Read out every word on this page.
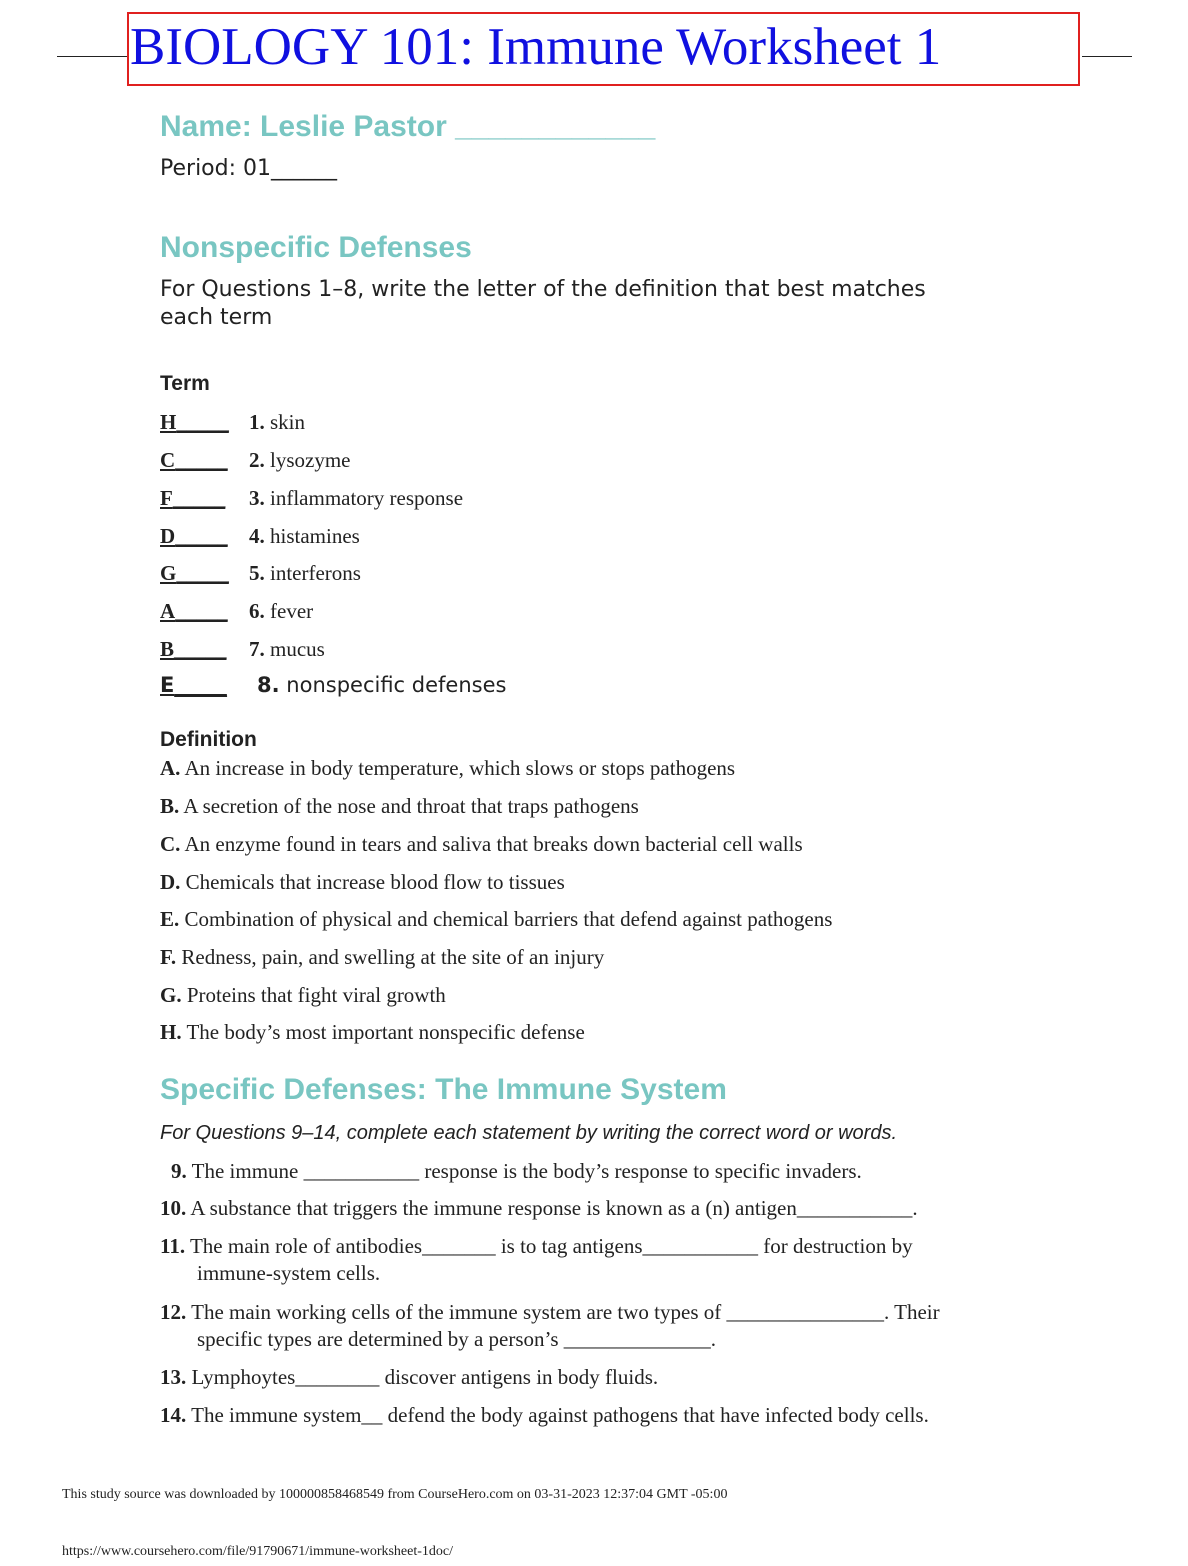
BIOLOGY 101: Immune Worksheet 1
Name: Leslie Pastor ____________
Period: 01______
Nonspecific Defenses
For Questions 1–8, write the letter of the definition that best matches
each term
Term
H_____ 1. skin
C_____ 2. lysozyme
F_____ 3. inflammatory response
D_____ 4. histamines
G_____ 5. interferons
A_____ 6. fever
B_____ 7. mucus
E_____ 8. nonspecific defenses
Definition
A. An increase in body temperature, which slows or stops pathogens
B. A secretion of the nose and throat that traps pathogens
C. An enzyme found in tears and saliva that breaks down bacterial cell walls
D. Chemicals that increase blood flow to tissues
E. Combination of physical and chemical barriers that defend against pathogens
F. Redness, pain, and swelling at the site of an injury
G. Proteins that fight viral growth
H. The body’s most important nonspecific defense
Specific Defenses: The Immune System
For Questions 9–14, complete each statement by writing the correct word or words.
9. The immune ___________ response is the body’s response to specific invaders.
10. A substance that triggers the immune response is known as a (n) antigen___________.
11. The main role of antibodies_______ is to tag antigens___________ for destruction by
immune-system cells.
12. The main working cells of the immune system are two types of _______________. Their
specific types are determined by a person’s ______________.
13. Lymphoytes________ discover antigens in body fluids.
14. The immune system__ defend the body against pathogens that have infected body cells.
This study source was downloaded by 100000858468549 from CourseHero.com on 03-31-2023 12:37:04 GMT -05:00
https://www.coursehero.com/file/91790671/immune-worksheet-1doc/
